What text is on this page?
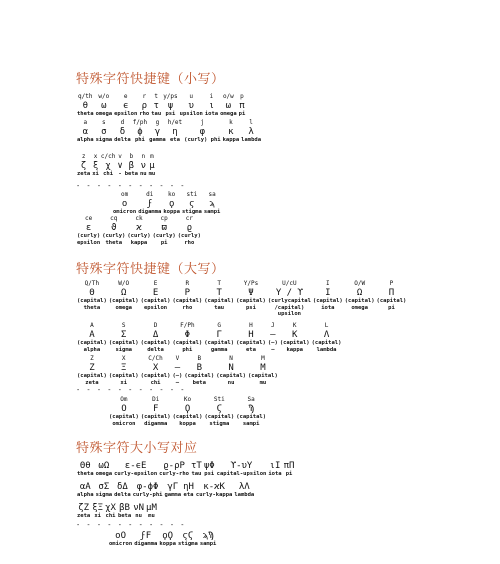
特殊字符快捷键（小写）
q/th	w/o	e	r	t	y/ps	u	i	o/w	p
θ	ω	ϵ	ρ	τ	ψ	υ	ι	ω	π
theta	omega	epsilon	rho	tau	psi	upsilon	iota	omega	pi
a	s	d	f/ph	g	h/et	j	k	l
α	σ	δ	ϕ	γ	η	φ	κ	λ
alpha	sigma	delta	phi	gamma	eta	(curly) phi	kappa	lambda
z	x	c/ch	v	b	n	m
ζ	ξ	χ	∨	β	ν	μ
zeta	xi	chi	-	beta	nu	mu
- - - - - - - - - - -
om	di	ko	sti	sa
ο	ϝ	ϙ	ϛ	ϡ
omicron	digamma	koppa	stigma	sampi
ce	cq	ck	cp	cr
ε	ϑ	ϰ	ϖ	ϱ
(curly)	(curly)	(curly)	(curly)	(curly)
epsilon	theta	kappa	pi	rho
特殊字符快捷键（大写）
Q/Th	W/O	E	R	T	Y/Ps	U/cU	I	O/W	P
Θ	Ω	Ε	Ρ	Τ	Ψ	Υ / ϒ	Ι	Ω	Π
(capital)	(capital)	(capital)	(capital)	(capital)	(capital)	(curlycapital	(capital)	(capital)	(capital)
theta	omega	epsilon	rho	tau	psi	/capital)	iota	omega	pi
						upsilon			
A	S	D	F/Ph	G	H	J	K	L
Α	Σ	Δ	Φ	Γ	Η	–	Κ	Λ
(capital)	(capital)	(capital)	(capital)	(capital)	(capital)	(–)	(capital)	(capital)
alpha	sigma	delta	phi	gamma	eta	–	kappa	lambda
Z	X	C/Ch	V	B	N	M
Ζ	Ξ	Χ	–	Β	Ν	Μ
(capital)	(capital)	(capital)	(–)	(capital)	(capital)	(capital)
zeta	xi	chi	–	beta	nu	mu
- - - - - - - - - - -
Om	Di	Ko	Sti	Sa
Ο	Ϝ	Ϙ	Ϛ	Ϡ
(capital)	(capital)	(capital)	(capital)	(capital)
omicron	digamma	koppa	stigma	sampi
特殊字符大小写对应
Θθ	ωΩ	ε-ϵΕ	ϱ-ρΡ	τΤ	ψΦ	ϒ-υΥ	ιΙ	πΠ
theta	omega	curly-epsilon	curly-rho	tau	psi	capital-upsilon	iota	pi
αΑ	σΣ	δΔ	φ-ϕΦ	γΓ	ηΗ	κ-ϰΚ	λΛ
alpha	sigma	delta	curly-phi	gamma	eta	curly-kappa	lambda
ζΖ	ξΞ	χΧ	βΒ	νΝ	μΜ
zeta	xi	chi	beta	nu	mu
- - - - - - - - - - -
οΟ	ϝϜ	ϙϘ	ϛϚ	ϡϠ
omicron	digamma	koppa	stigma	sampi
